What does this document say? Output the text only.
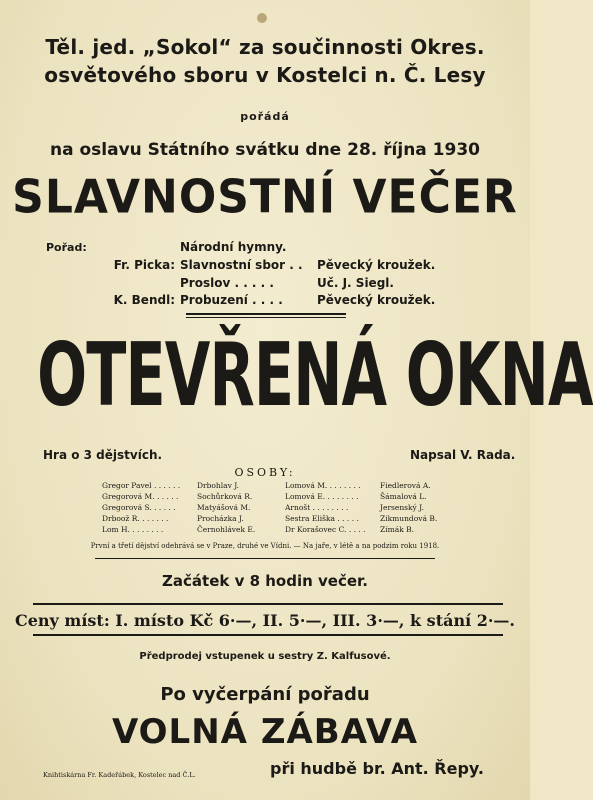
Těl. jed. „Sokol“ za součinnosti Okres.
osvětového sboru v Kostelci n. Č. Lesy
pořádá
na oslavu Státního svátku dne 28. října 1930
SLAVNOSTNÍ VEČER
Pořad:	Národní hymny.
Fr. Picka: Slavnostní sbor . . Pěvecký kroužek.
Proslov . . . . .	Uč. J. Siegl.
K. Bendl: Probuzení . . . .	Pěvecký kroužek.
OTEVŘENÁ OKNA
Hra o 3 dějstvích.	Napsal V. Rada.
OSOBY:
Gregor Pavel . . . . . . Drbohlav J.	Lomová M. . . . . . . .	Fiedlerová A.
Gregorová M. . . . . . Sochůrková R.	Lomová E. . . . . . . .	Šámalová L.
Gregorová S. . . . . .	Matyášová M.	Arnošt . . . . . . . .	Jersenský J.
Drboož R. . . . . . .	Procházka J.	Sestra Eliška . . . . .	Zikmundová B.
Lom H. . . . . . . .	Černohlávek E.	Dr Korašovec C. . . . . Zímák B.
První a třetí dějství odehrává se v Praze, druhé ve Vídni. — Na jaře, v létě a na podzim roku 1918.
Začátek v 8 hodin večer.
Ceny míst: I. místo Kč 6·—, II. 5·—, III. 3·—, k stání 2·—.
Předprodej vstupenek u sestry Z. Kalfusové.
Po vyčerpání pořadu
VOLNÁ ZÁBAVA
při hudbě br. Ant. Řepy.
Knihtiskárna Fr. Kadeřábek, Kostelec nad Č.L.
